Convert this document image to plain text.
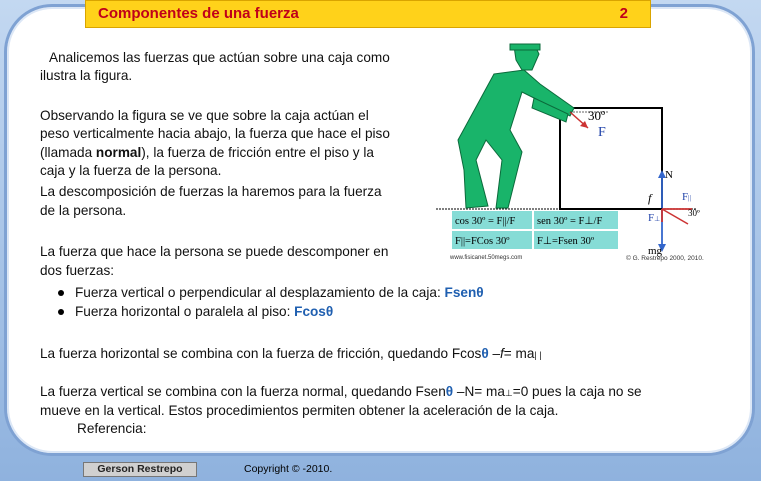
Componentes de una fuerza	2
Analicemos las fuerzas que actúan sobre una caja como
ilustra la figura.
Observando la figura se ve que sobre la caja actúan el
peso verticalmente hacia abajo, la fuerza que hace el piso
(llamada normal), la fuerza de fricción entre el piso y la
caja y la fuerza de la persona.
La descomposición de fuerzas la haremos para la fuerza
de la persona.
La fuerza que hace la persona se puede descomponer en
dos fuerzas:
Fuerza vertical o perpendicular al desplazamiento de la caja: Fsenθ
Fuerza horizontal o paralela al piso: Fcosθ
La fuerza horizontal se combina con la fuerza de fricción, quedando Fcosθ –f= ma| |
La fuerza vertical se combina con la fuerza normal, quedando Fsenθ –N= ma⊥=0 pues la caja no se
mueve en la vertical. Estos procedimientos permiten obtener la aceleración de la caja.
Referencia:
30º
F
N
f
mg
F||
F⊥
30º
cos 30º = F||/F sen 30º = F⊥/F
F||=FCos 30º	F⊥=Fsen 30º
www.fisicanet.50megs.com	© G. Restrepo 2000, 2010.
Gerson Restrepo	Copyright © -2010.
